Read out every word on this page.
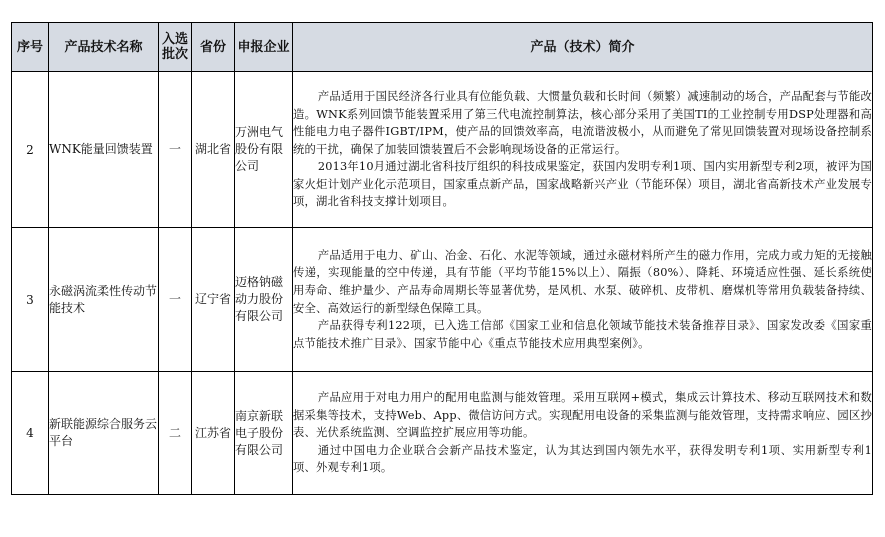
序号	产品技术名称	入选批次	省份	申报企业	产品（技术）简介
2	WNK能量回馈装置	一	湖北省	万洲电气股份有限公司	产品适用于国民经济各行业具有位能负载、大惯量负载和长时间（频繁）减速制动的场合，产品配套与节能改造。WNK系列回馈节能装置采用了第三代电流控制算法，核心部分采用了美国TI的工业控制专用DSP处理器和高性能电力电子器件IGBT/IPM，使产品的回馈效率高，电流谐波极小，从而避免了常见回馈装置对现场设备控制系统的干扰，确保了加装回馈装置后不会影响现场设备的正常运行。

2013年10月通过湖北省科技厅组织的科技成果鉴定，获国内发明专利1项、国内实用新型专利2项，被评为国家火炬计划产业化示范项目，国家重点新产品，国家战略新兴产业（节能环保）项目，湖北省高新技术产业发展专项，湖北省科技支撑计划项目。

3	永磁涡流柔性传动节能技术	一	辽宁省	迈格钠磁动力股份有限公司	产品适用于电力、矿山、冶金、石化、水泥等领域，通过永磁材料所产生的磁力作用，完成力或力矩的无接触传递，实现能量的空中传递，具有节能（平均节能15%以上）、隔振（80%）、降耗、环境适应性强、延长系统使用寿命、维护量少、产品寿命周期长等显著优势，是风机、水泵、破碎机、皮带机、磨煤机等常用负载装备持续、安全、高效运行的新型绿色保障工具。

产品获得专利122项，已入选工信部《国家工业和信息化领域节能技术装备推荐目录》、国家发改委《国家重点节能技术推广目录》、国家节能中心《重点节能技术应用典型案例》。

4	新联能源综合服务云平台	二	江苏省	南京新联电子股份有限公司	产品应用于对电力用户的配用电监测与能效管理。采用互联网+模式，集成云计算技术、移动互联网技术和数据采集等技术，支持Web、App、微信访问方式。实现配用电设备的采集监测与能效管理，支持需求响应、园区抄表、光伏系统监测、空调监控扩展应用等功能。

通过中国电力企业联合会新产品技术鉴定，认为其达到国内领先水平，获得发明专利1项、实用新型专利1项、外观专利1项。
